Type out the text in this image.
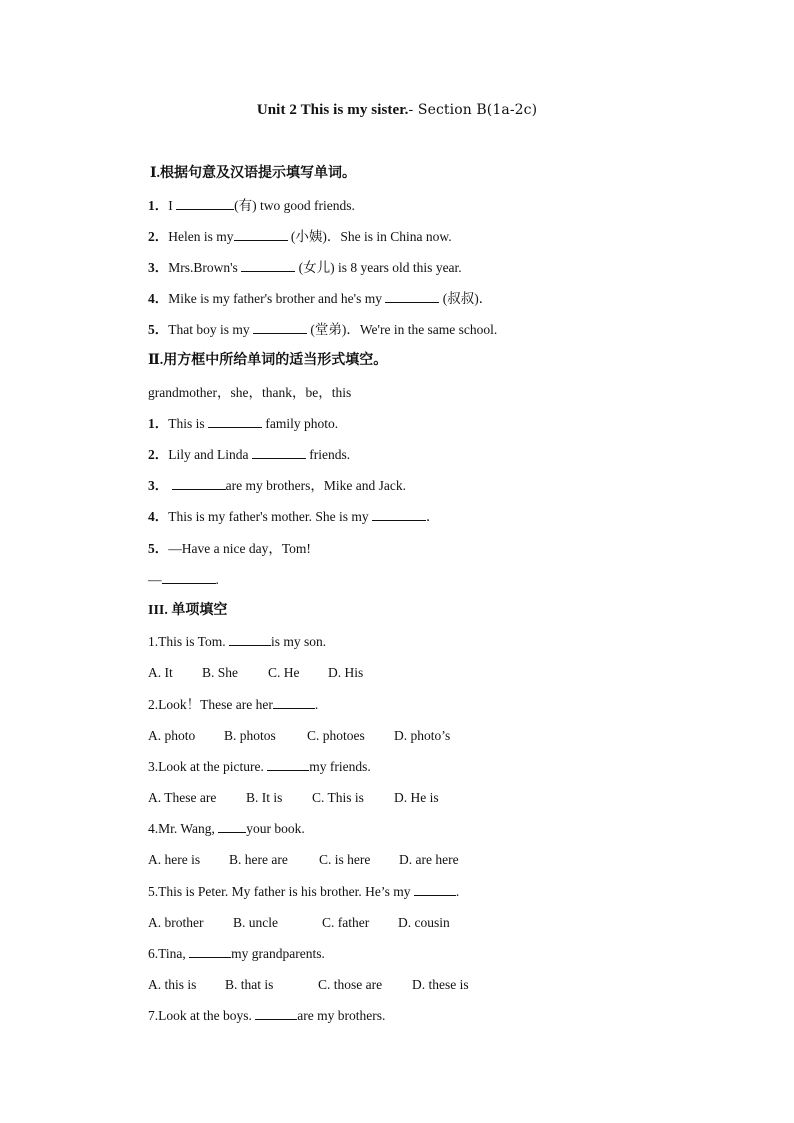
Unit 2 This is my sister.- Section B(1a-2c)
Ⅰ.根据句意及汉语提示填写单词。
1．I	(有) two good friends.
2．Helen is my	(小姨)．She is in China now.
3．Mrs.Brown's	(女儿) is 8 years old this year.
4．Mike is my father's brother and he's my	(叔叔)．
5．That boy is my	(堂弟)．We're in the same school.
Ⅱ.用方框中所给单词的适当形式填空。
grandmother，she，thank，be，this
1．This is	family photo.
2．Lily and Linda	friends.
3．	are my brothers，Mike and Jack.
4．This is my father's mother. She is my	．
5．—Have a nice day，Tom!
—	.
III. 单项填空
1.This is Tom.	is my son.
A. It B. She C. He D. His
2.Look！These are her	.
A. photo B. photos C. photoes D. photo’s
3.Look at the picture.	my friends.
A. These are B. It is C. This is D. He is
4.Mr. Wang, your book.
A. here is B. here are C. is here D. are here
5.This is Peter. My father is his brother. He’s my	.
A. brother B. uncle	C. father D. cousin
6.Tina,	my grandparents.
A. this is B. that is	C. those are D. these is
7.Look at the boys.	are my brothers.
